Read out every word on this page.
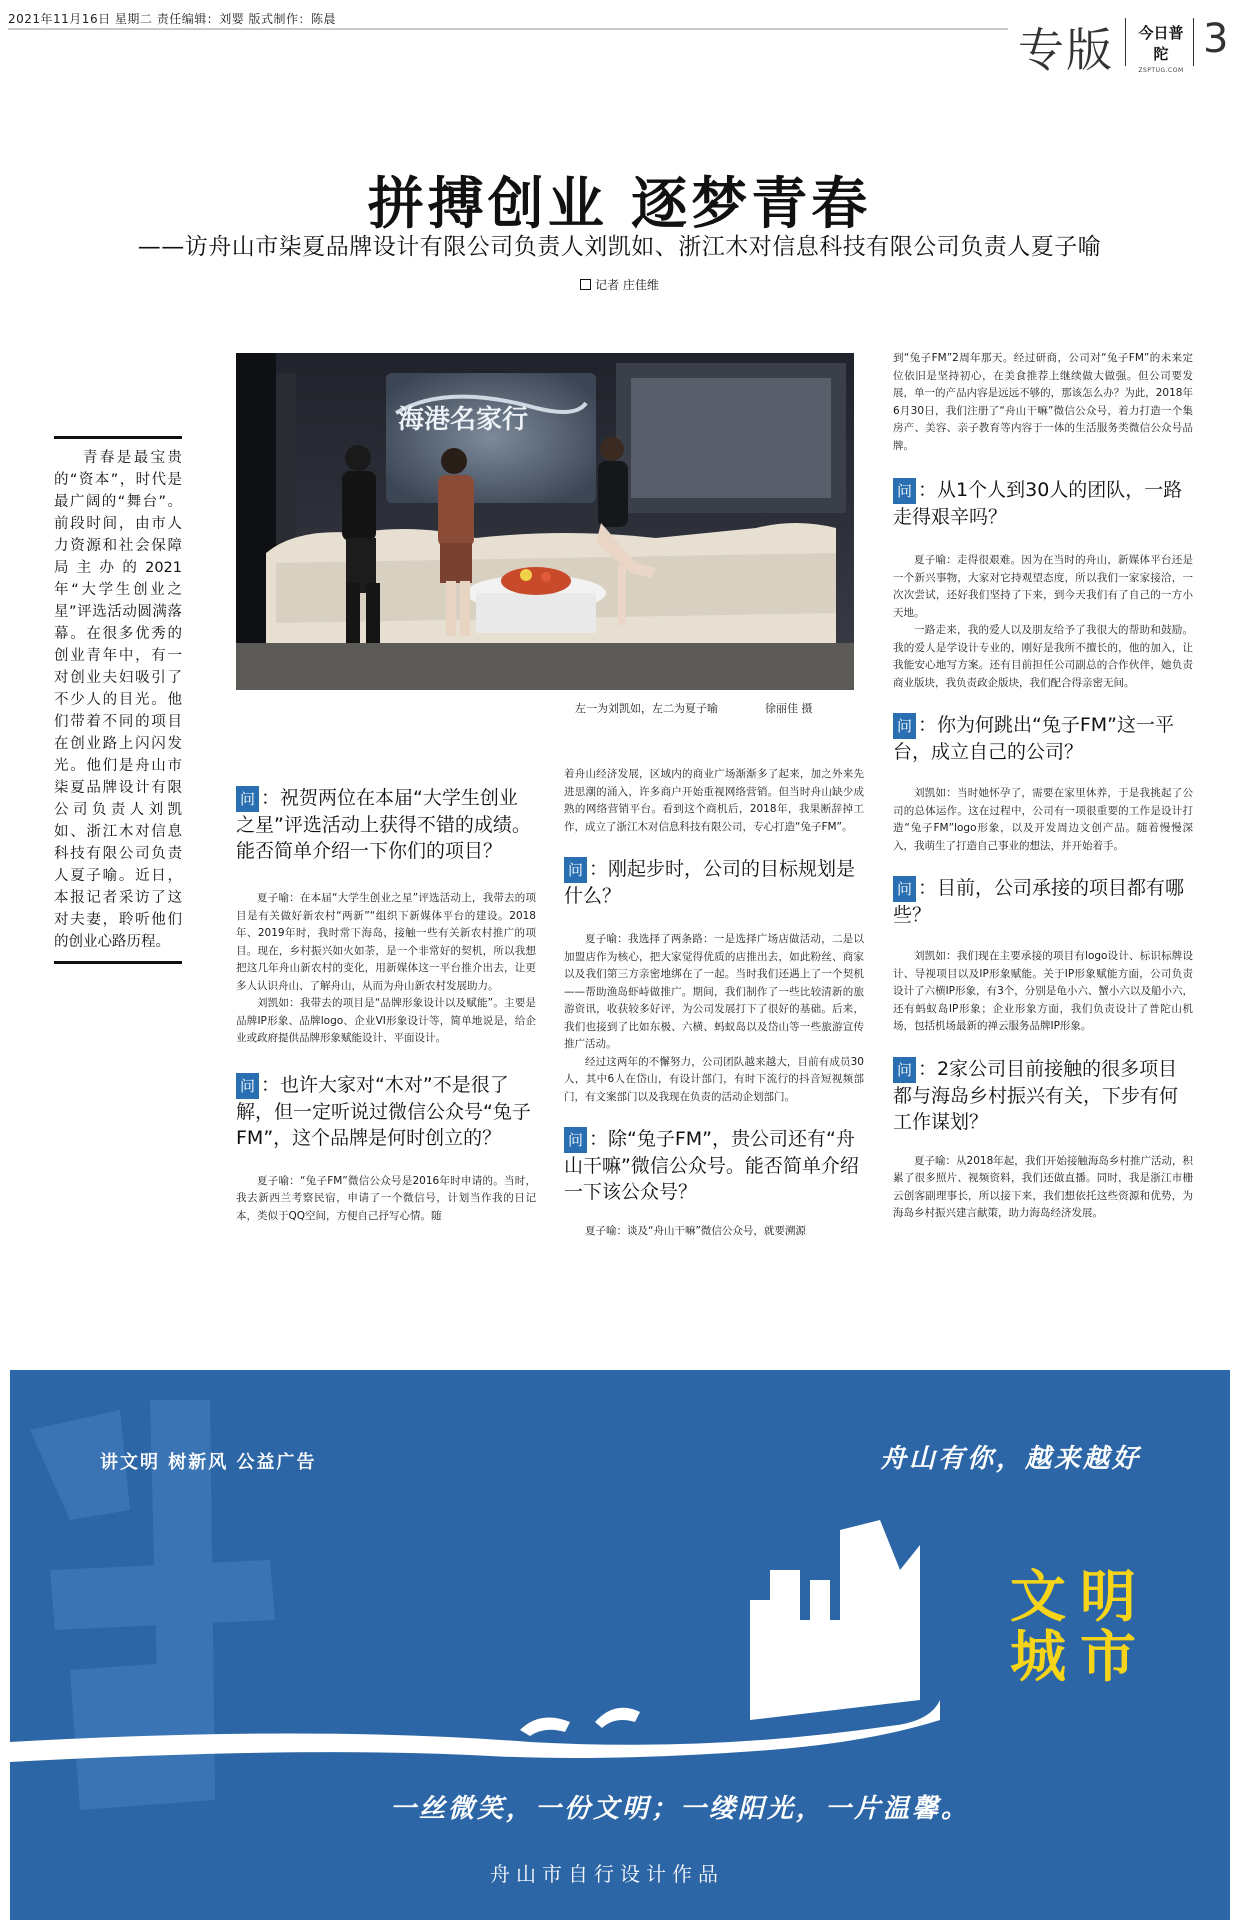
2021年11月16日 星期二 责任编辑：刘婴 版式制作：陈晨
专版 今日普陀
ZSPTUG.COM
3
拼搏创业 逐梦青春
——访舟山市柒夏品牌设计有限公司负责人刘凯如、浙江木对信息科技有限公司负责人夏子喻
记者 庄佳维
青春是最宝贵的“资本”，时代是最广阔的“舞台”。前段时间，由市人力资源和社会保障局主办的2021年“大学生创业之星”评选活动圆满落幕。在很多优秀的创业青年中，有一对创业夫妇吸引了不少人的目光。他们带着不同的项目在创业路上闪闪发光。他们是舟山市柒夏品牌设计有限公司负责人刘凯如、浙江木对信息科技有限公司负责人夏子喻。近日，本报记者采访了这对夫妻，聆听他们的创业心路历程。
海港名家行
左一为刘凯如，左二为夏子喻	徐丽佳 摄

问 ：祝贺两位在本届“大学生创业之星”评选活动上获得不错的成绩。能否简单介绍一下你们的项目？

夏子喻：在本届“大学生创业之星”评选活动上，我带去的项目是有关做好新农村“两新”“组织下新媒体平台的建设。2018年、2019年时，我时常下海岛，接触一些有关新农村推广的项目。现在，乡村振兴如火如荼，是一个非常好的契机，所以我想把这几年舟山新农村的变化，用新媒体这一平台推介出去，让更多人认识舟山、了解舟山，从而为舟山新农村发展助力。
刘凯如：我带去的项目是“品牌形象设计以及赋能”。主要是品牌IP形象、品牌logo、企业VI形象设计等，简单地说是，给企业或政府提供品牌形象赋能设计、平面设计。

问 ：也许大家对“木对”不是很了解，但一定听说过微信公众号“兔子FM”，这个品牌是何时创立的？

夏子喻：“兔子FM”微信公众号是2016年时申请的。当时，我去新西兰考察民宿，申请了一个微信号，计划当作我的日记本，类似于QQ空间，方便自己抒写心情。随
着舟山经济发展，区域内的商业广场渐渐多了起来，加之外来先进思潮的涌入，许多商户开始重视网络营销。但当时舟山缺少成熟的网络营销平台。看到这个商机后，2018年，我果断辞掉工作，成立了浙江木对信息科技有限公司，专心打造“兔子FM”。

问 ：刚起步时，公司的目标规划是什么？

夏子喻：我选择了两条路：一是选择广场店做活动，二是以加盟店作为核心，把大家觉得优质的店推出去，如此粉丝、商家以及我们第三方亲密地绑在了一起。当时我们还遇上了一个契机——帮助渔岛虾峙做推广。期间，我们制作了一些比较清新的旅游资讯，收获较多好评，为公司发展打下了很好的基础。后来，我们也接到了比如东极、六横、蚂蚁岛以及岱山等一些旅游宣传推广活动。
经过这两年的不懈努力，公司团队越来越大，目前有成员30人，其中6人在岱山，有设计部门，有时下流行的抖音短视频部门，有文案部门以及我现在负责的活动企划部门。

问 ：除“兔子FM”，贵公司还有“舟山干嘛”微信公众号。能否简单介绍一下该公众号？

夏子喻：谈及“舟山干嘛”微信公众号，就要溯源
到“兔子FM”2周年那天。经过研商，公司对“兔子FM”的未来定位依旧是坚持初心，在美食推荐上继续做大做强。但公司要发展，单一的产品内容是远远不够的，那该怎么办？为此，2018年6月30日，我们注册了“舟山干嘛”微信公众号，着力打造一个集房产、美容、亲子教育等内容于一体的生活服务类微信公众号品牌。

问 ：从1个人到30人的团队，一路走得艰辛吗？

夏子喻：走得很艰难。因为在当时的舟山，新媒体平台还是一个新兴事物，大家对它持观望态度，所以我们一家家接洽，一次次尝试，还好我们坚持了下来，到今天我们有了自己的一方小天地。
一路走来，我的爱人以及朋友给予了我很大的帮助和鼓励。我的爱人是学设计专业的，刚好是我所不擅长的，他的加入，让我能安心地写方案。还有目前担任公司副总的合作伙伴，她负责商业版块，我负责政企版块，我们配合得亲密无间。

问 ：你为何跳出“兔子FM”这一平台，成立自己的公司？

刘凯如：当时她怀孕了，需要在家里休养，于是我挑起了公司的总体运作。这在过程中，公司有一项很重要的工作是设计打造“兔子FM”logo形象，以及开发周边文创产品。随着慢慢深入，我萌生了打造自己事业的想法，并开始着手。

问 ：目前，公司承接的项目都有哪些？

刘凯如：我们现在主要承接的项目有logo设计、标识标牌设计、导视项目以及IP形象赋能。关于IP形象赋能方面，公司负责设计了六横IP形象，有3个，分别是龟小六、蟹小六以及船小六，还有蚂蚁岛IP形象；企业形象方面，我们负责设计了普陀山机场，包括机场最新的禅云服务品牌IP形象。

问 ：2家公司目前接触的很多项目都与海岛乡村振兴有关，下步有何工作谋划？

夏子喻：从2018年起，我们开始接触海岛乡村推广活动，积累了很多照片、视频资料，我们还做直播。同时，我是浙江市栅云创客副理事长，所以接下来，我们想依托这些资源和优势，为海岛乡村振兴建言献策，助力海岛经济发展。
讲文明 树新风 公益广告	舟山有你，越来越好
文明
城市
一丝微笑，一份文明；一缕阳光，一片温馨。
舟山市自行设计作品
